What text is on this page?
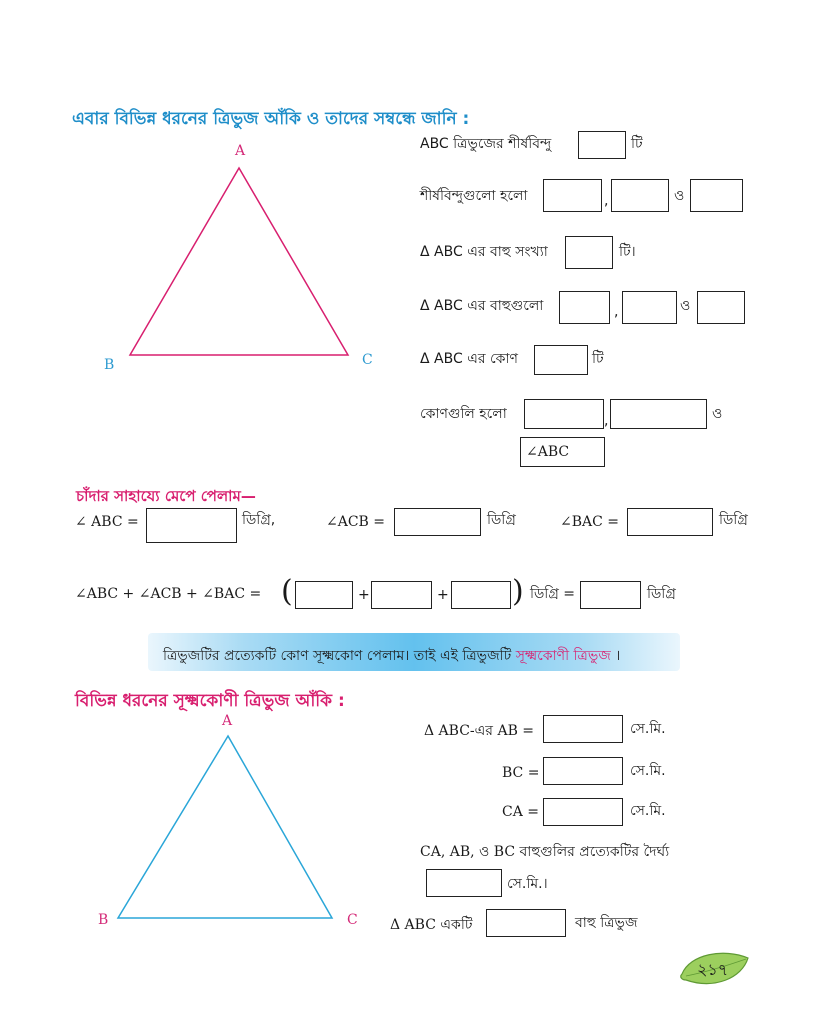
এবার বিভিন্ন ধরনের ত্রিভুজ আঁকি ও তাদের সম্বন্ধে জানি :
A
B	C
ABC ত্রিভুজের শীর্ষবিন্দু	টি
শীর্ষবিন্দুগুলো হলো	,	ও
Δ ABC এর বাহু সংখ্যা	টি।
Δ ABC এর বাহুগুলো	,	ও
Δ ABC এর কোণ	টি
কোণগুলি হলো	,	ও
∠ABC
চাঁদার সাহায্যে মেপে পেলাম—
∠ ABC =	ডিগ্রি,	∠ACB =	ডিগ্রি	∠BAC =	ডিগ্রি
∠ABC + ∠ACB + ∠BAC = (	+	+ ) ডিগ্রি =	ডিগ্রি
ত্রিভুজটির প্রত্যেকটি কোণ সূক্ষ্মকোণ পেলাম। তাই এই ত্রিভুজটি সূক্ষ্মকোণী ত্রিভুজ ।
বিভিন্ন ধরনের সূক্ষ্মকোণী ত্রিভুজ আঁকি :
A
B	C
Δ ABC-এর AB =	সে.মি.
BC =	সে.মি.
CA =	সে.মি.
CA, AB, ও BC বাহুগুলির প্রত্যেকটির দৈর্ঘ্য
সে.মি.।
Δ ABC একটি	বাহু ত্রিভুজ
২১৭
